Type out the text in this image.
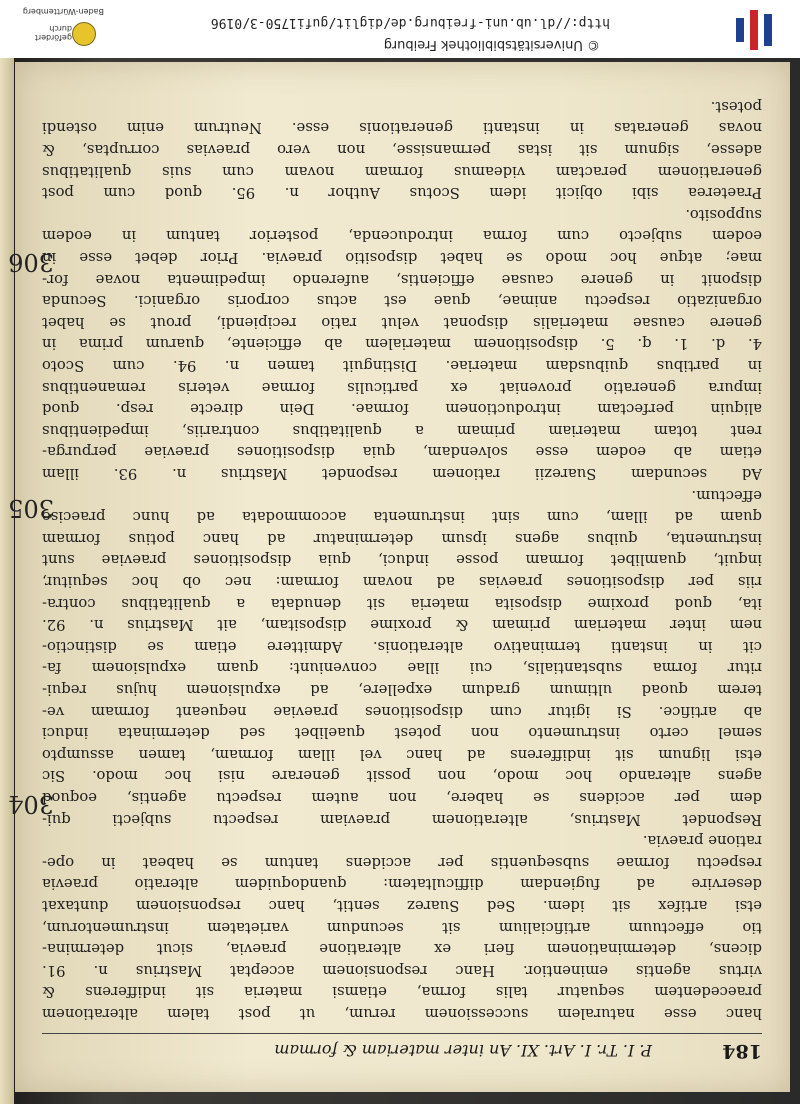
184
P. I. Tr. I. Art. XI. An inter materiam & formam
hanc esse naturalem successionem rerum, ut post talem alterationem
praecedentem sequatur talis forma, etiamsi materia sit indifferens &
virtus agentis eminentior. Hanc responsionem acceptat Mastrius n. 91.
dicens, determinationem fieri ex alteratione praevia, sicut determina-
tio effectuum artificialium sit secundum varietatem instrumentorum,
etsi artifex sit idem. Sed Suarez sentit, hanc responsionem duntaxat
deservire ad fugiendam difficultatem: quandoquidem alteratio praevia
respectu formae subsequentis per accidens tantum se habeat in ope-
ratione praevia.
Respondet Mastrius, alterationem praeviam respectu subjecti qui-
dem per accidens se habere, non autem respectu agentis, eoquod
agens alterando hoc modo, non possit generare nisi hoc modo. Sic
etsi lignum sit indifferens ad hanc vel illam formam, tamen assumpto
semel certo instrumento non potest quaelibet sed determinata induci
ab artifice. Si igitur cum dispositiones praeviae nequeant formam ve-
terem quoad ultimum gradum expellere, ad expulsionem hujus requi-
ritur forma substantialis, cui illae conveniunt: quam expulsionem fa-
cit in instanti terminativo alterationis. Admittere etiam se distinctio-
nem inter materiam primam & proxime dispositam, ait Mastrius n. 92.
ita, quod proxime disposita materia sit denudata a qualitatibus contra-
riis per dispositiones praevias ad novam formam: nec ob hoc sequitur,
inquit, quamlibet formam posse induci, quia dispositiones praeviae sunt
instrumenta, quibus agens ipsum determinatur ad hanc potius formam
quam ad illam, cum sint instrumenta accommodata ad hunc praecise
effectum.
Ad secundam Suarezii rationem respondet Mastrius n. 93. illam
etiam ab eodem esse solvendam, quia dispositiones praeviae perpurga-
rent totam materiam primam a qualitatibus contrariis, impedientibus
aliquin perfectam introductionem formae. Dein directe resp. quod
impura generatio proveniat ex particulis formae veteris remanentibus
in partibus quibusdam materiae. Distinguit tamen n. 94. cum Scoto
4. d. 1. q. 5. dispositionem materialem ab efficiente, quarum prima in
genere causae materialis disponat velut ratio recipiendi, prout se habet
organizatio respectu animae, quae est actus corporis organici. Secunda
disponit in genere causae efficientis, auferendo impedimenta novae for-
mae; atque hoc modo se habet dispositio praevia. Prior debet esse in
eodem subjecto cum forma introducenda, posterior tantum in eodem
supposito.
Praeterea sibi objicit idem Scotus Author n. 95. quod cum post
generationem peractam videamus formam novam cum suis qualitatibus
adesse, signum sit istas permansisse, non vero praevias corruptas, &
novas generatas in instanti generationis esse. Neutrum enim ostendi
potest.
304
305
306
http://dl.ub.uni-freiburg.de/diglit/gufi1750-3/0196
© Universitätsbibliothek Freiburg
gefördert durch
Baden-Württemberg
